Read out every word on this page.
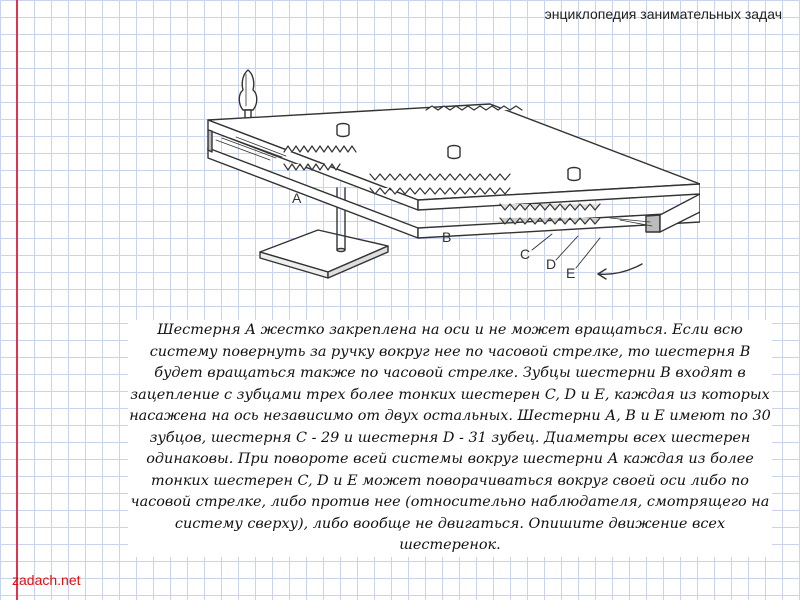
энциклопедия занимательных задач
A
B
C
D
E
Шестерня А жестко закреплена на оси и не может вращаться. Если всю систему повернуть за ручку вокруг нее по часовой стрелке, то шестерня В будет вращаться также по часовой стрелке. Зубцы шестерни В входят в зацепление с зубцами трех более тонких шестерен C, D и E, каждая из которых насажена на ось независимо от двух остальных. Шестерни А, В и Е имеют по 30 зубцов, шестерня С - 29 и шестерня D - 31 зубец. Диаметры всех шестерен одинаковы. При повороте всей системы вокруг шестерни А каждая из более тонких шестерен C, D и E может поворачиваться вокруг своей оси либо по часовой стрелке, либо против нее (относительно наблюдателя, смотрящего на систему сверху), либо вообще не двигаться. Опишите движение всех шестеренок.
zadach.net
